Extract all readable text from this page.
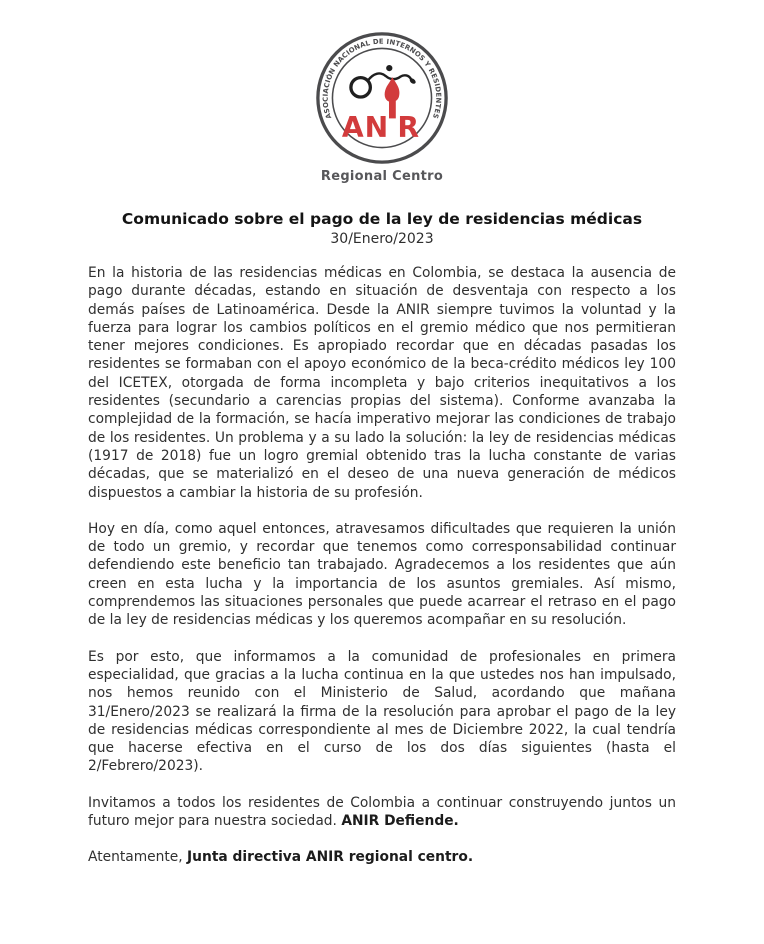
ASOCIACIÓN NACIONAL DE INTERNOS Y RESIDENTES
AN R
Regional Centro
Comunicado sobre el pago de la ley de residencias médicas
30/Enero/2023

En la historia de las residencias médicas en Colombia, se destaca la ausencia de pago durante décadas, estando en situación de desventaja con respecto a los demás países de Latinoamérica. Desde la ANIR siempre tuvimos la voluntad y la fuerza para lograr los cambios políticos en el gremio médico que nos permitieran tener mejores condiciones. Es apropiado recordar que en décadas pasadas los residentes se formaban con el apoyo económico de la beca-crédito médicos ley 100 del ICETEX, otorgada de forma incompleta y bajo criterios inequitativos a los residentes (secundario a carencias propias del sistema). Conforme avanzaba la complejidad de la formación, se hacía imperativo mejorar las condiciones de trabajo de los residentes. Un problema y a su lado la solución: la ley de residencias médicas (1917 de 2018) fue un logro gremial obtenido tras la lucha constante de varias décadas, que se materializó en el deseo de una nueva generación de médicos dispuestos a cambiar la historia de su profesión.

Hoy en día, como aquel entonces, atravesamos dificultades que requieren la unión de todo un gremio, y recordar que tenemos como corresponsabilidad continuar defendiendo este beneficio tan trabajado. Agradecemos a los residentes que aún creen en esta lucha y la importancia de los asuntos gremiales. Así mismo, comprendemos las situaciones personales que puede acarrear el retraso en el pago de la ley de residencias médicas y los queremos acompañar en su resolución.

Es por esto, que informamos a la comunidad de profesionales en primera especialidad, que gracias a la lucha continua en la que ustedes nos han impulsado, nos hemos reunido con el Ministerio de Salud, acordando que mañana 31/Enero/2023 se realizará la firma de la resolución para aprobar el pago de la ley de residencias médicas correspondiente al mes de Diciembre 2022, la cual tendría que hacerse efectiva en el curso de los dos días siguientes (hasta el 2/Febrero/2023).

Invitamos a todos los residentes de Colombia a continuar construyendo juntos un futuro mejor para nuestra sociedad. ANIR Defiende.

Atentamente, Junta directiva ANIR regional centro.
